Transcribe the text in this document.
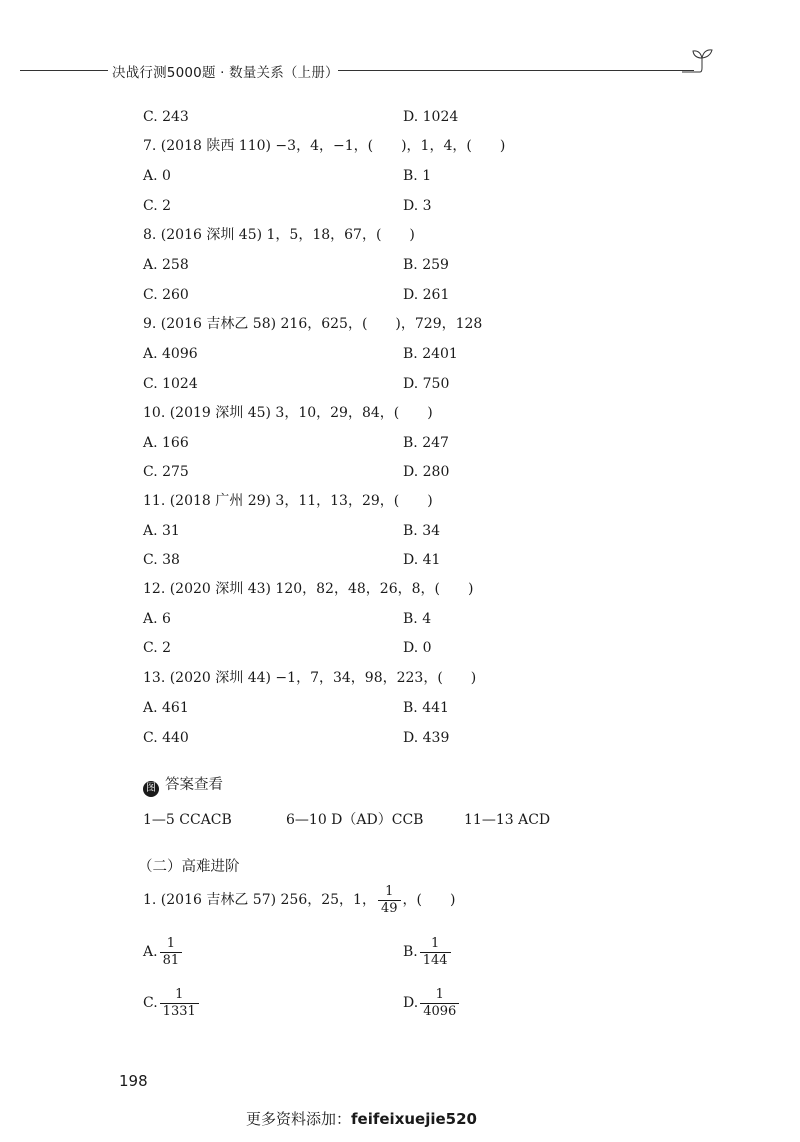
决战行测5000题 · 数量关系（上册）
C. 243	D. 1024
7. (2018 陕西 110) −3，4，−1，(　　)，1，4，(　　)
A. 0	B. 1
C. 2	D. 3
8. (2016 深圳 45) 1，5，18，67，(　　)
A. 258	B. 259
C. 260	D. 261
9. (2016 吉林乙 58) 216，625，(　　)，729，128
A. 4096	B. 2401
C. 1024	D. 750
10. (2019 深圳 45) 3，10，29，84，(　　)
A. 166	B. 247
C. 275	D. 280
11. (2018 广州 29) 3，11，13，29，(　　)
A. 31	B. 34
C. 38	D. 41
12. (2020 深圳 43) 120，82，48，26，8，(　　)
A. 6	B. 4
C. 2	D. 0
13. (2020 深圳 44) −1，7，34，98，223，(　　)
A. 461	B. 441
C. 440	D. 439
图 答案查看
1—5 CCACB	6—10 D（AD）CCB	11—13 ACD
（二）高难进阶
1. (2016 吉林乙 57) 256，25，1， $\frac{1}{49}$ ，(　　)
A. $\frac{1}{81}$	B. $\frac{1}{144}$
C. $\frac{1}{1331}$	D. $\frac{1}{4096}$
198
更多资料添加：feifeixuejie520
